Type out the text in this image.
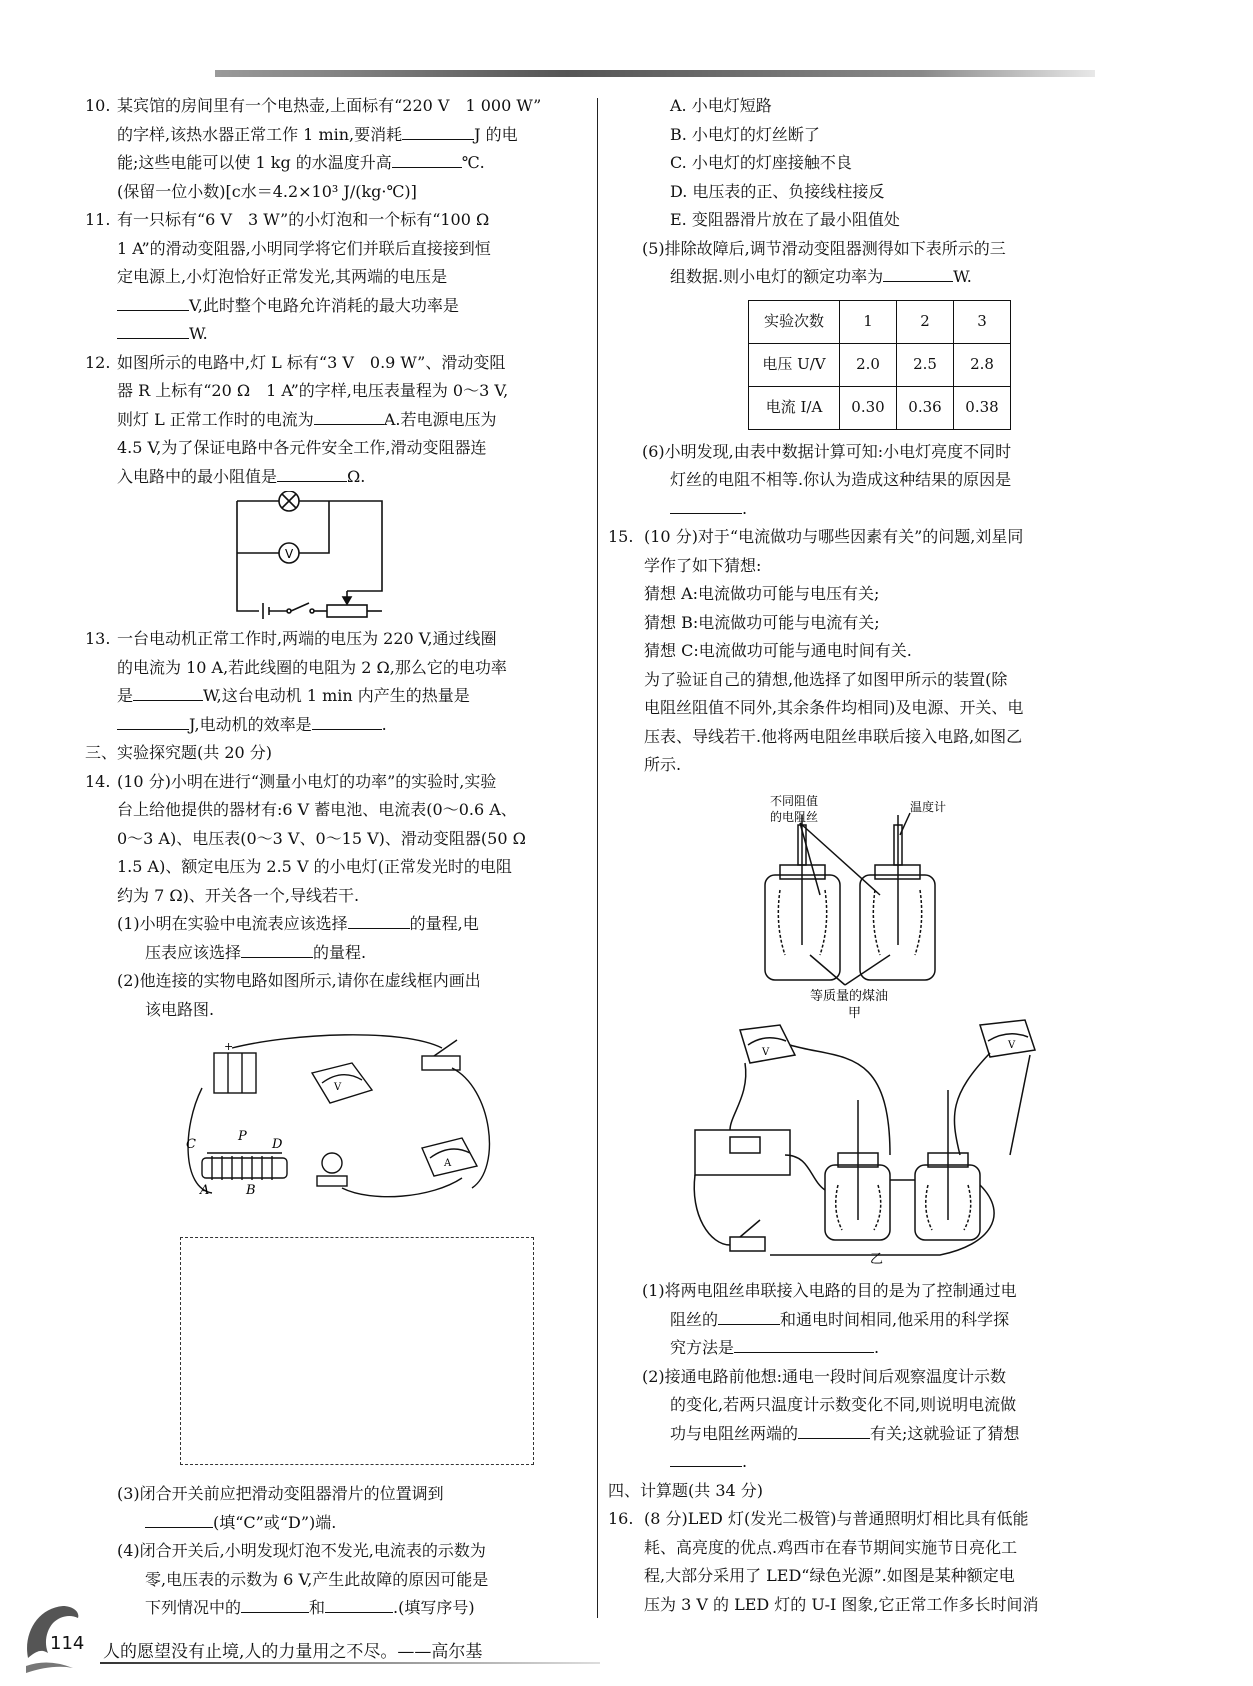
10. 某宾馆的房间里有一个电热壶,上面标有“220 V　1 000 W”
的字样,该热水器正常工作 1 min,要消耗	J 的电
能;这些电能可以使 1 kg 的水温度升高	℃.
(保留一位小数)[c水＝4.2×10³ J/(kg·℃)]
11. 有一只标有“6 V　3 W”的小灯泡和一个标有“100 Ω
1 A”的滑动变阻器,小明同学将它们并联后直接接到恒
定电源上,小灯泡恰好正常发光,其两端的电压是
V,此时整个电路允许消耗的最大功率是
W.
12. 如图所示的电路中,灯 L 标有“3 V　0.9 W”、滑动变阻
器 R 上标有“20 Ω　1 A”的字样,电压表量程为 0～3 V,
则灯 L 正常工作时的电流为	A.若电源电压为
4.5 V,为了保证电路中各元件安全工作,滑动变阻器连
入电路中的最小阻值是	Ω.
V
13. 一台电动机正常工作时,两端的电压为 220 V,通过线圈
的电流为 10 A,若此线圈的电阻为 2 Ω,那么它的电功率
是	W,这台电动机 1 min 内产生的热量是
J,电动机的效率是	.
三、实验探究题(共 20 分)
14. (10 分)小明在进行“测量小电灯的功率”的实验时,实验
台上给他提供的器材有:6 V 蓄电池、电流表(0～0.6 A、
0～3 A)、电压表(0～3 V、0～15 V)、滑动变阻器(50 Ω
1.5 A)、额定电压为 2.5 V 的小电灯(正常发光时的电阻
约为 7 Ω)、开关各一个,导线若干.
(1)小明在实验中电流表应该选择	的量程,电
压表应该选择	的量程.
(2)他连接的实物电路如图所示,请你在虚线框内画出
该电路图.
+
V
A
C
P
D
A	B
(3)闭合开关前应把滑动变阻器滑片的位置调到
(填“C”或“D”)端.
(4)闭合开关后,小明发现灯泡不发光,电流表的示数为
零,电压表的示数为 6 V,产生此故障的原因可能是
下列情况中的	和	.(填写序号)
A. 小电灯短路
B. 小电灯的灯丝断了
C. 小电灯的灯座接触不良
D. 电压表的正、负接线柱接反
E. 变阻器滑片放在了最小阻值处
(5)排除故障后,调节滑动变阻器测得如下表所示的三
组数据.则小电灯的额定功率为	W.
实验次数	1	2	3
电压 U/V	2.0	2.5	2.8
电流 I/A	0.30	0.36	0.38
(6)小明发现,由表中数据计算可知:小电灯亮度不同时
灯丝的电阻不相等.你认为造成这种结果的原因是
.
15. (10 分)对于“电流做功与哪些因素有关”的问题,刘星同
学作了如下猜想:
猜想 A:电流做功可能与电压有关;
猜想 B:电流做功可能与电流有关;
猜想 C:电流做功可能与通电时间有关.
为了验证自己的猜想,他选择了如图甲所示的装置(除
电阻丝阻值不同外,其余条件均相同)及电源、开关、电
压表、导线若干.他将两电阻丝串联后接入电路,如图乙
所示.
不同阻值
的电阻丝
温度计
等质量的煤油
甲
V
V
乙
(1)将两电阻丝串联接入电路的目的是为了控制通过电
阻丝的	和通电时间相同,他采用的科学探
究方法是	.
(2)接通电路前他想:通电一段时间后观察温度计示数
的变化,若两只温度计示数变化不同,则说明电流做
功与电阻丝两端的	有关;这就验证了猜想
.
四、计算题(共 34 分)
16. (8 分)LED 灯(发光二极管)与普通照明灯相比具有低能
耗、高亮度的优点.鸡西市在春节期间实施节日亮化工
程,大部分采用了 LED“绿色光源”.如图是某种额定电
压为 3 V 的 LED 灯的 U-I 图象,它正常工作多长时间消
114 人的愿望没有止境,人的力量用之不尽。——高尔基
